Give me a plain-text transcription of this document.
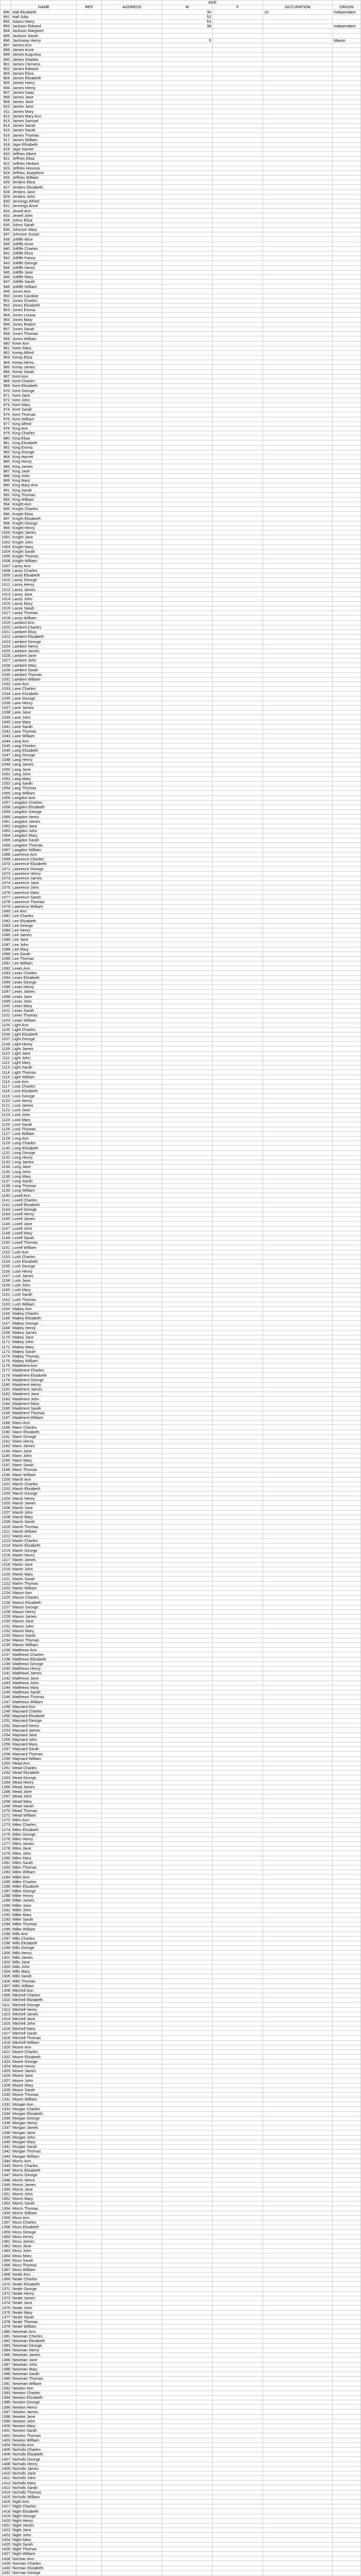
				AGE			
	NAME	REF	ADDRESS	M	F	OCCUPATION	ORIGIN
890	Hall Elizabeth			35		10	Independant
891	Hall Julia			52			
892	Isaacs Harry			53			
893	Jackson Edward			38			Independant
894	Jackson Margaret						
895	Jackson Sarah						
896	Jacksway Henry			5			Mason
897	James Ann						
898	James Anne						
899	James Augustus						
900	James Charles						
901	James Clemens						
902	James Edward						
903	James Eliza						
904	James Elizabeth						
905	James Harry						
906	James Henry						
907	James Isaac						
908	James Jane						
909	James Jane						
910	James Jane						
911	James Mary						
912	James Mary Ann						
913	James Samuel						
914	James Sarah						
915	James Sarah						
916	James Thomas						
917	James William						
918	Jaye Elizabeth						
919	Jaye Harriet						
920	Jeffries Albert						
921	Jeffries Eliza						
922	Jeffries Herbert						
923	Jeffries Honoria						
924	Jeffries Josephine						
925	Jeffries William						
926	Jenkins Eliza						
927	Jenkins Elizabeth						
928	Jenkins Jane						
929	Jenkins John						
930	Jennings Alfred						
931	Jennings Anne						
932	Jewell Ann						
933	Jewell John						
934	Johns Eliza						
935	Johns Sarah						
936	Johnson Mary						
937	Johnson Susan						
938	Jolliffe Alice						
939	Jolliffe Anne						
940	Jolliffe Charles						
941	Jolliffe Eliza						
942	Jolliffe Fanny						
943	Jolliffe George						
944	Jolliffe Henry						
945	Jolliffe Jane						
946	Jolliffe Mary						
947	Jolliffe Sarah						
948	Jolliffe William						
949	Jones Ann						
950	Jones Caroline						
951	Jones Charles						
952	Jones Elizabeth						
953	Jones Emma						
954	Jones Louisa						
955	Jones Mary						
956	Jones Robert						
957	Jones Sarah						
958	Jones Thomas						
959	Jones William						
960	Keen Ann						
961	Keen Mary						
962	Kemp Alfred						
963	Kemp Eliza						
964	Kemp Henry						
965	Kemp James						
966	Kemp Sarah						
967	Kent Ann						
968	Kent Charles						
969	Kent Elizabeth						
970	Kent George						
971	Kent Jane						
972	Kent John						
973	Kent Mary						
974	Kent Sarah						
975	Kent Thomas						
976	Kent William						
977	King Alfred						
978	King Ann						
979	King Charles						
980	King Eliza						
981	King Elizabeth						
982	King Emma						
983	King George						
984	King Harriet						
985	King Henry						
986	King James						
987	King Jane						
988	King John						
989	King Mary						
990	King Mary Ann						
991	King Sarah						
992	King Thomas						
993	King William						
994	Knight Ann						
995	Knight Charles						
996	Knight Eliza						
997	Knight Elizabeth						
998	Knight George						
999	Knight Henry						
1000	Knight James						
1001	Knight Jane						
1002	Knight John						
1003	Knight Mary						
1004	Knight Sarah						
1005	Knight Thomas						
1006	Knight William						
1007	Lacey Ann						
1008	Lacey Charles						
1009	Lacey Elizabeth						
1010	Lacey George						
1011	Lacey Henry						
1012	Lacey James						
1013	Lacey Jane						
1014	Lacey John						
1015	Lacey Mary						
1016	Lacey Sarah						
1017	Lacey Thomas						
1018	Lacey William						
1019	Lambert Ann						
1020	Lambert Charles						
1021	Lambert Eliza						
1022	Lambert Elizabeth						
1023	Lambert George						
1024	Lambert Henry						
1025	Lambert James						
1026	Lambert Jane						
1027	Lambert John						
1028	Lambert Mary						
1029	Lambert Sarah						
1030	Lambert Thomas						
1031	Lambert William						
1032	Lane Ann						
1033	Lane Charles						
1034	Lane Elizabeth						
1035	Lane George						
1036	Lane Henry						
1037	Lane James						
1038	Lane Jane						
1039	Lane John						
1040	Lane Mary						
1041	Lane Sarah						
1042	Lane Thomas						
1043	Lane William						
1044	Lang Ann						
1045	Lang Charles						
1046	Lang Elizabeth						
1047	Lang George						
1048	Lang Henry						
1049	Lang James						
1050	Lang Jane						
1051	Lang John						
1052	Lang Mary						
1053	Lang Sarah						
1054	Lang Thomas						
1055	Lang William						
1056	Langdon Ann						
1057	Langdon Charles						
1058	Langdon Elizabeth						
1059	Langdon George						
1060	Langdon Henry						
1061	Langdon James						
1062	Langdon Jane						
1063	Langdon John						
1064	Langdon Mary						
1065	Langdon Sarah						
1066	Langdon Thomas						
1067	Langdon William						
1068	Lawrence Ann						
1069	Lawrence Charles						
1070	Lawrence Elizabeth						
1071	Lawrence George						
1072	Lawrence Henry						
1073	Lawrence James						
1074	Lawrence Jane						
1075	Lawrence John						
1076	Lawrence Mary						
1077	Lawrence Sarah						
1078	Lawrence Thomas						
1079	Lawrence William						
1080	Lee Ann						
1081	Lee Charles						
1082	Lee Elizabeth						
1083	Lee George						
1084	Lee Henry						
1085	Lee James						
1086	Lee Jane						
1087	Lee John						
1088	Lee Mary						
1089	Lee Sarah						
1090	Lee Thomas						
1091	Lee William						
1092	Lewis Ann						
1093	Lewis Charles						
1094	Lewis Elizabeth						
1095	Lewis George						
1096	Lewis Henry						
1097	Lewis James						
1098	Lewis Jane						
1099	Lewis John						
1100	Lewis Mary						
1101	Lewis Sarah						
1102	Lewis Thomas						
1103	Lewis William						
1104	Light Ann						
1105	Light Charles						
1106	Light Elizabeth						
1107	Light George						
1108	Light Henry						
1109	Light James						
1110	Light Jane						
1111	Light John						
1112	Light Mary						
1113	Light Sarah						
1114	Light Thomas						
1115	Light William						
1116	Lock Ann						
1117	Lock Charles						
1118	Lock Elizabeth						
1119	Lock George						
1120	Lock Henry						
1121	Lock James						
1122	Lock Jane						
1123	Lock John						
1124	Lock Mary						
1125	Lock Sarah						
1126	Lock Thomas						
1127	Lock William						
1128	Long Ann						
1129	Long Charles						
1130	Long Elizabeth						
1131	Long George						
1132	Long Henry						
1133	Long James						
1134	Long Jane						
1135	Long John						
1136	Long Mary						
1137	Long Sarah						
1138	Long Thomas						
1139	Long William						
1140	Lovell Ann						
1141	Lovell Charles						
1142	Lovell Elizabeth						
1143	Lovell George						
1144	Lovell Henry						
1145	Lovell James						
1146	Lovell Jane						
1147	Lovell John						
1148	Lovell Mary						
1149	Lovell Sarah						
1150	Lovell Thomas						
1151	Lovell William						
1152	Lush Ann						
1153	Lush Charles						
1154	Lush Elizabeth						
1155	Lush George						
1156	Lush Henry						
1157	Lush James						
1158	Lush Jane						
1159	Lush John						
1160	Lush Mary						
1161	Lush Sarah						
1162	Lush Thomas						
1163	Lush William						
1164	Mabey Ann						
1165	Mabey Charles						
1166	Mabey Elizabeth						
1167	Mabey George						
1168	Mabey Henry						
1169	Mabey James						
1170	Mabey Jane						
1171	Mabey John						
1172	Mabey Mary						
1173	Mabey Sarah						
1174	Mabey Thomas						
1175	Mabey William						
1176	Maidment Ann						
1177	Maidment Charles						
1178	Maidment Elizabeth						
1179	Maidment George						
1180	Maidment Henry						
1181	Maidment James						
1182	Maidment Jane						
1183	Maidment John						
1184	Maidment Mary						
1185	Maidment Sarah						
1186	Maidment Thomas						
1187	Maidment William						
1188	Mann Ann						
1189	Mann Charles						
1190	Mann Elizabeth						
1191	Mann George						
1192	Mann Henry						
1193	Mann James						
1194	Mann Jane						
1195	Mann John						
1196	Mann Mary						
1197	Mann Sarah						
1198	Mann Thomas						
1199	Mann William						
1200	Marsh Ann						
1201	Marsh Charles						
1202	Marsh Elizabeth						
1203	Marsh George						
1204	Marsh Henry						
1205	Marsh James						
1206	Marsh Jane						
1207	Marsh John						
1208	Marsh Mary						
1209	Marsh Sarah						
1210	Marsh Thomas						
1211	Marsh William						
1212	Martin Ann						
1213	Martin Charles						
1214	Martin Elizabeth						
1215	Martin George						
1216	Martin Henry						
1217	Martin James						
1218	Martin Jane						
1219	Martin John						
1220	Martin Mary						
1221	Martin Sarah						
1222	Martin Thomas						
1223	Martin William						
1224	Mason Ann						
1225	Mason Charles						
1226	Mason Elizabeth						
1227	Mason George						
1228	Mason Henry						
1229	Mason James						
1230	Mason Jane						
1231	Mason John						
1232	Mason Mary						
1233	Mason Sarah						
1234	Mason Thomas						
1235	Mason William						
1236	Matthews Ann						
1237	Matthews Charles						
1238	Matthews Elizabeth						
1239	Matthews George						
1240	Matthews Henry						
1241	Matthews James						
1242	Matthews Jane						
1243	Matthews John						
1244	Matthews Mary						
1245	Matthews Sarah						
1246	Matthews Thomas						
1247	Matthews William						
1248	Maynard Ann						
1249	Maynard Charles						
1250	Maynard Elizabeth						
1251	Maynard George						
1252	Maynard Henry						
1253	Maynard James						
1254	Maynard Jane						
1255	Maynard John						
1256	Maynard Mary						
1257	Maynard Sarah						
1258	Maynard Thomas						
1259	Maynard William						
1260	Mead Ann						
1261	Mead Charles						
1262	Mead Elizabeth						
1263	Mead George						
1264	Mead Henry						
1265	Mead James						
1266	Mead Jane						
1267	Mead John						
1268	Mead Mary						
1269	Mead Sarah						
1270	Mead Thomas						
1271	Mead William						
1272	Miles Ann						
1273	Miles Charles						
1274	Miles Elizabeth						
1275	Miles George						
1276	Miles Henry						
1277	Miles James						
1278	Miles Jane						
1279	Miles John						
1280	Miles Mary						
1281	Miles Sarah						
1282	Miles Thomas						
1283	Miles William						
1284	Miller Ann						
1285	Miller Charles						
1286	Miller Elizabeth						
1287	Miller George						
1288	Miller Henry						
1289	Miller James						
1290	Miller Jane						
1291	Miller John						
1292	Miller Mary						
1293	Miller Sarah						
1294	Miller Thomas						
1295	Miller William						
1296	Mills Ann						
1297	Mills Charles						
1298	Mills Elizabeth						
1299	Mills George						
1300	Mills Henry						
1301	Mills James						
1302	Mills Jane						
1303	Mills John						
1304	Mills Mary						
1305	Mills Sarah						
1306	Mills Thomas						
1307	Mills William						
1308	Mitchell Ann						
1309	Mitchell Charles						
1310	Mitchell Elizabeth						
1311	Mitchell George						
1312	Mitchell Henry						
1313	Mitchell James						
1314	Mitchell Jane						
1315	Mitchell John						
1316	Mitchell Mary						
1317	Mitchell Sarah						
1318	Mitchell Thomas						
1319	Mitchell William						
1320	Moore Ann						
1321	Moore Charles						
1322	Moore Elizabeth						
1323	Moore George						
1324	Moore Henry						
1325	Moore James						
1326	Moore Jane						
1327	Moore John						
1328	Moore Mary						
1329	Moore Sarah						
1330	Moore Thomas						
1331	Moore William						
1332	Morgan Ann						
1333	Morgan Charles						
1334	Morgan Elizabeth						
1335	Morgan George						
1336	Morgan Henry						
1337	Morgan James						
1338	Morgan Jane						
1339	Morgan John						
1340	Morgan Mary						
1341	Morgan Sarah						
1342	Morgan Thomas						
1343	Morgan William						
1344	Morris Ann						
1345	Morris Charles						
1346	Morris Elizabeth						
1347	Morris George						
1348	Morris Henry						
1349	Morris James						
1350	Morris Jane						
1351	Morris John						
1352	Morris Mary						
1353	Morris Sarah						
1354	Morris Thomas						
1355	Morris William						
1356	Moss Ann						
1357	Moss Charles						
1358	Moss Elizabeth						
1359	Moss George						
1360	Moss Henry						
1361	Moss James						
1362	Moss Jane						
1363	Moss John						
1364	Moss Mary						
1365	Moss Sarah						
1366	Moss Thomas						
1367	Moss William						
1368	Neale Ann						
1369	Neale Charles						
1370	Neale Elizabeth						
1371	Neale George						
1372	Neale Henry						
1373	Neale James						
1374	Neale Jane						
1375	Neale John						
1376	Neale Mary						
1377	Neale Sarah						
1378	Neale Thomas						
1379	Neale William						
1380	Newman Ann						
1381	Newman Charles						
1382	Newman Elizabeth						
1383	Newman George						
1384	Newman Henry						
1385	Newman James						
1386	Newman Jane						
1387	Newman John						
1388	Newman Mary						
1389	Newman Sarah						
1390	Newman Thomas						
1391	Newman William						
1392	Newton Ann						
1393	Newton Charles						
1394	Newton Elizabeth						
1395	Newton George						
1396	Newton Henry						
1397	Newton James						
1398	Newton Jane						
1399	Newton John						
1400	Newton Mary						
1401	Newton Sarah						
1402	Newton Thomas						
1403	Newton William						
1404	Nicholls Ann						
1405	Nicholls Charles						
1406	Nicholls Elizabeth						
1407	Nicholls George						
1408	Nicholls Henry						
1409	Nicholls James						
1410	Nicholls Jane						
1411	Nicholls John						
1412	Nicholls Mary						
1413	Nicholls Sarah						
1414	Nicholls Thomas						
1415	Nicholls William						
1416	Night Ann						
1417	Night Charles						
1418	Night Elizabeth						
1419	Night George						
1420	Night Henry						
1421	Night James						
1422	Night Jane						
1423	Night John						
1424	Night Mary						
1425	Night Sarah						
1426	Night Thomas						
1427	Night William						
1428	Norman Ann						
1429	Norman Charles						
1430	Norman Elizabeth						
1431	Norman George						
